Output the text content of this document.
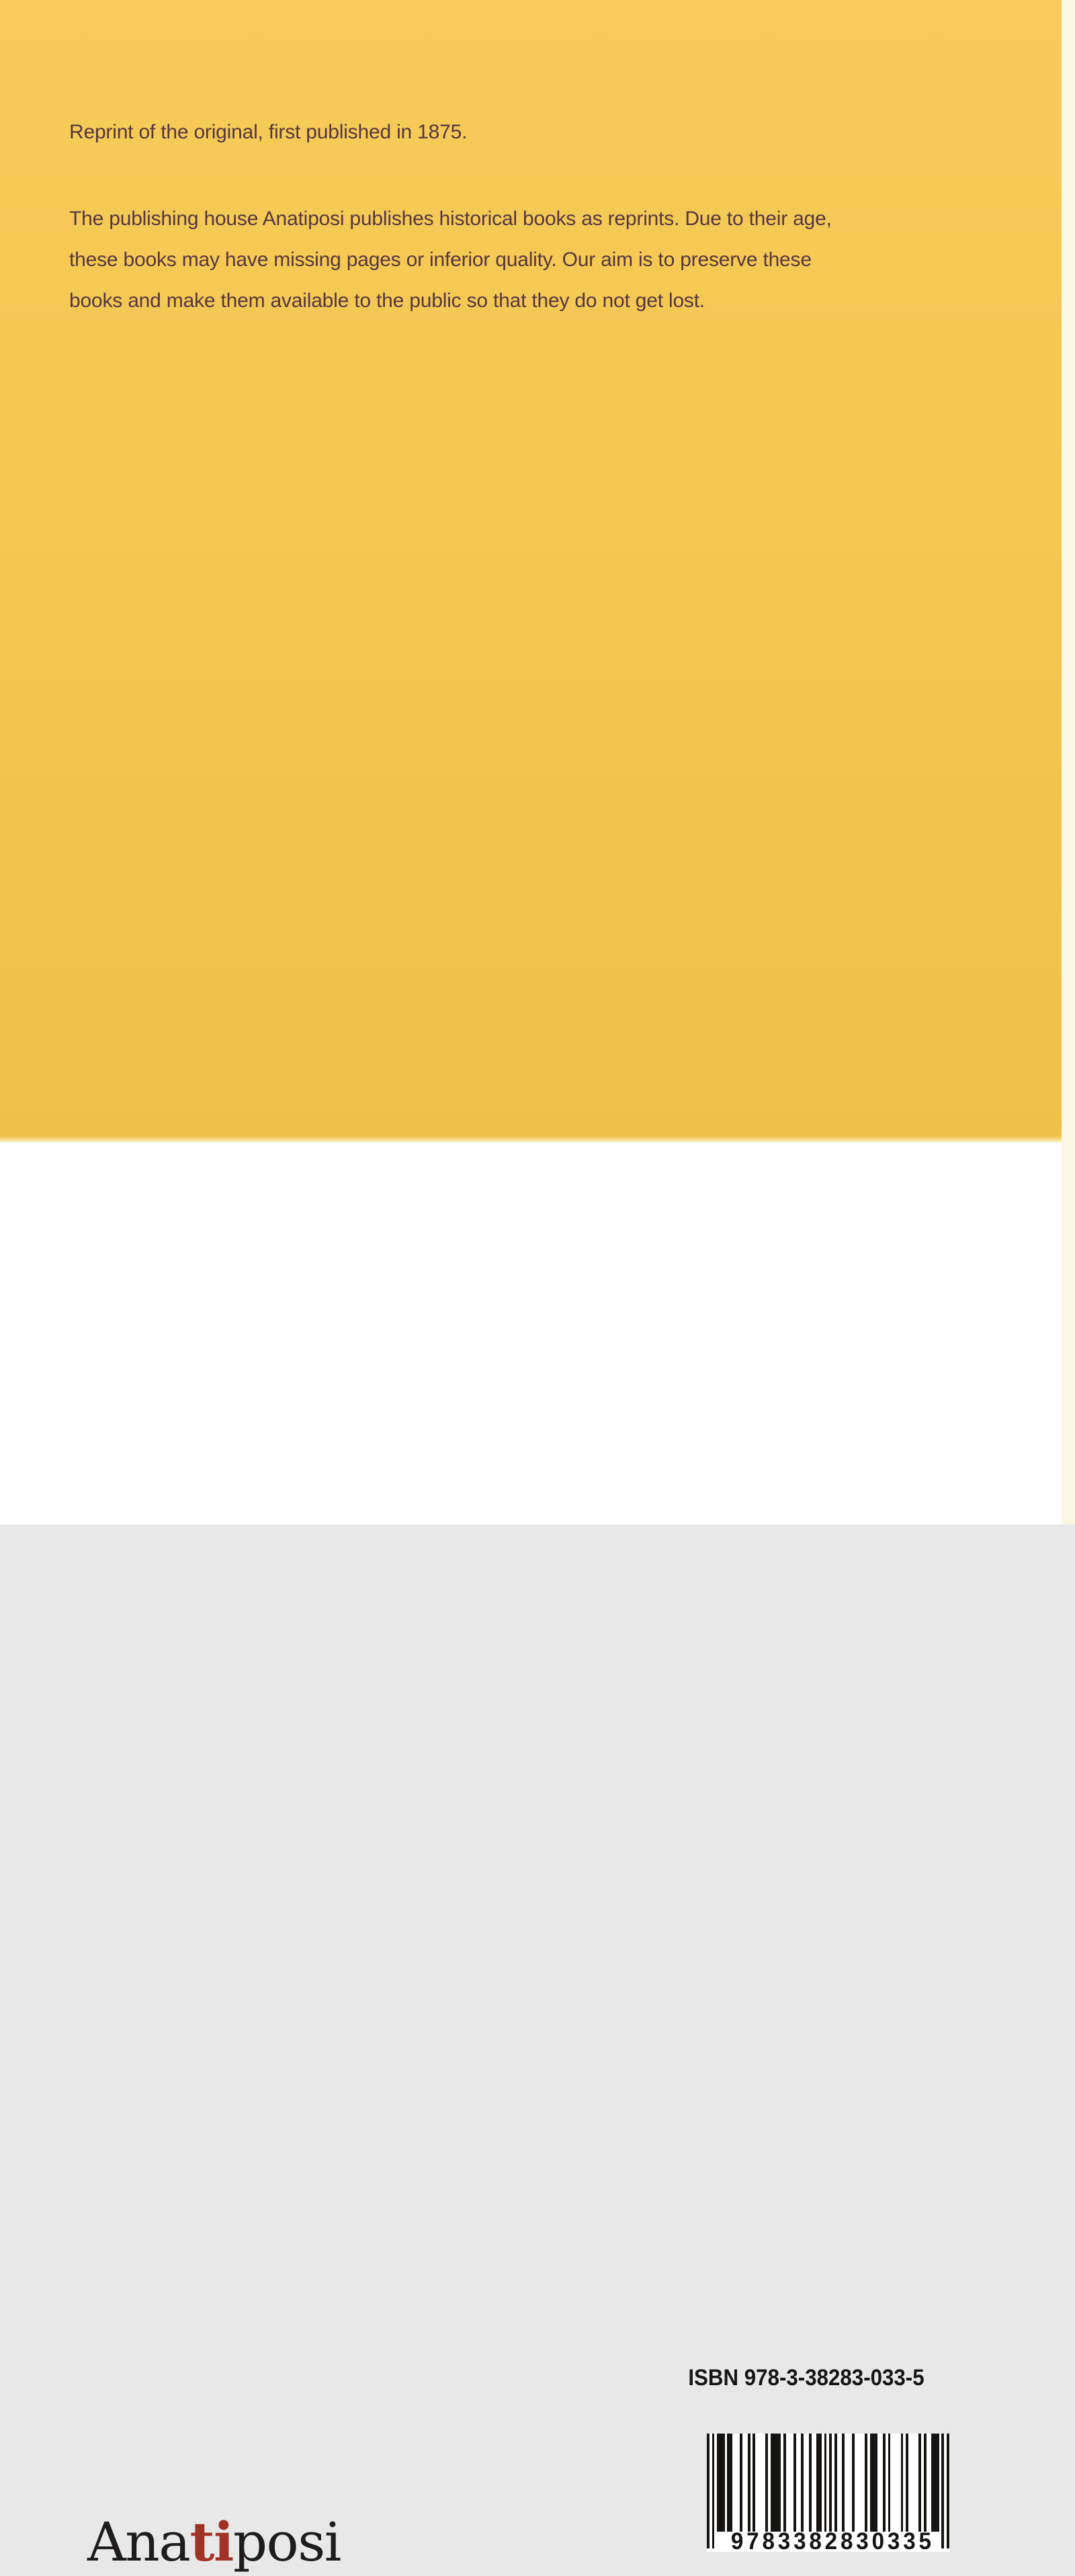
Reprint of the original, first published in 1875.
The publishing house Anatiposi publishes historical books as reprints. Due to their age,
these books may have missing pages or inferior quality. Our aim is to preserve these
books and make them available to the public so that they do not get lost.
ISBN 978-3-38283-033-5
9 7 8 3 3 8 2 8 3 0 3 3 5
Anatiposi
